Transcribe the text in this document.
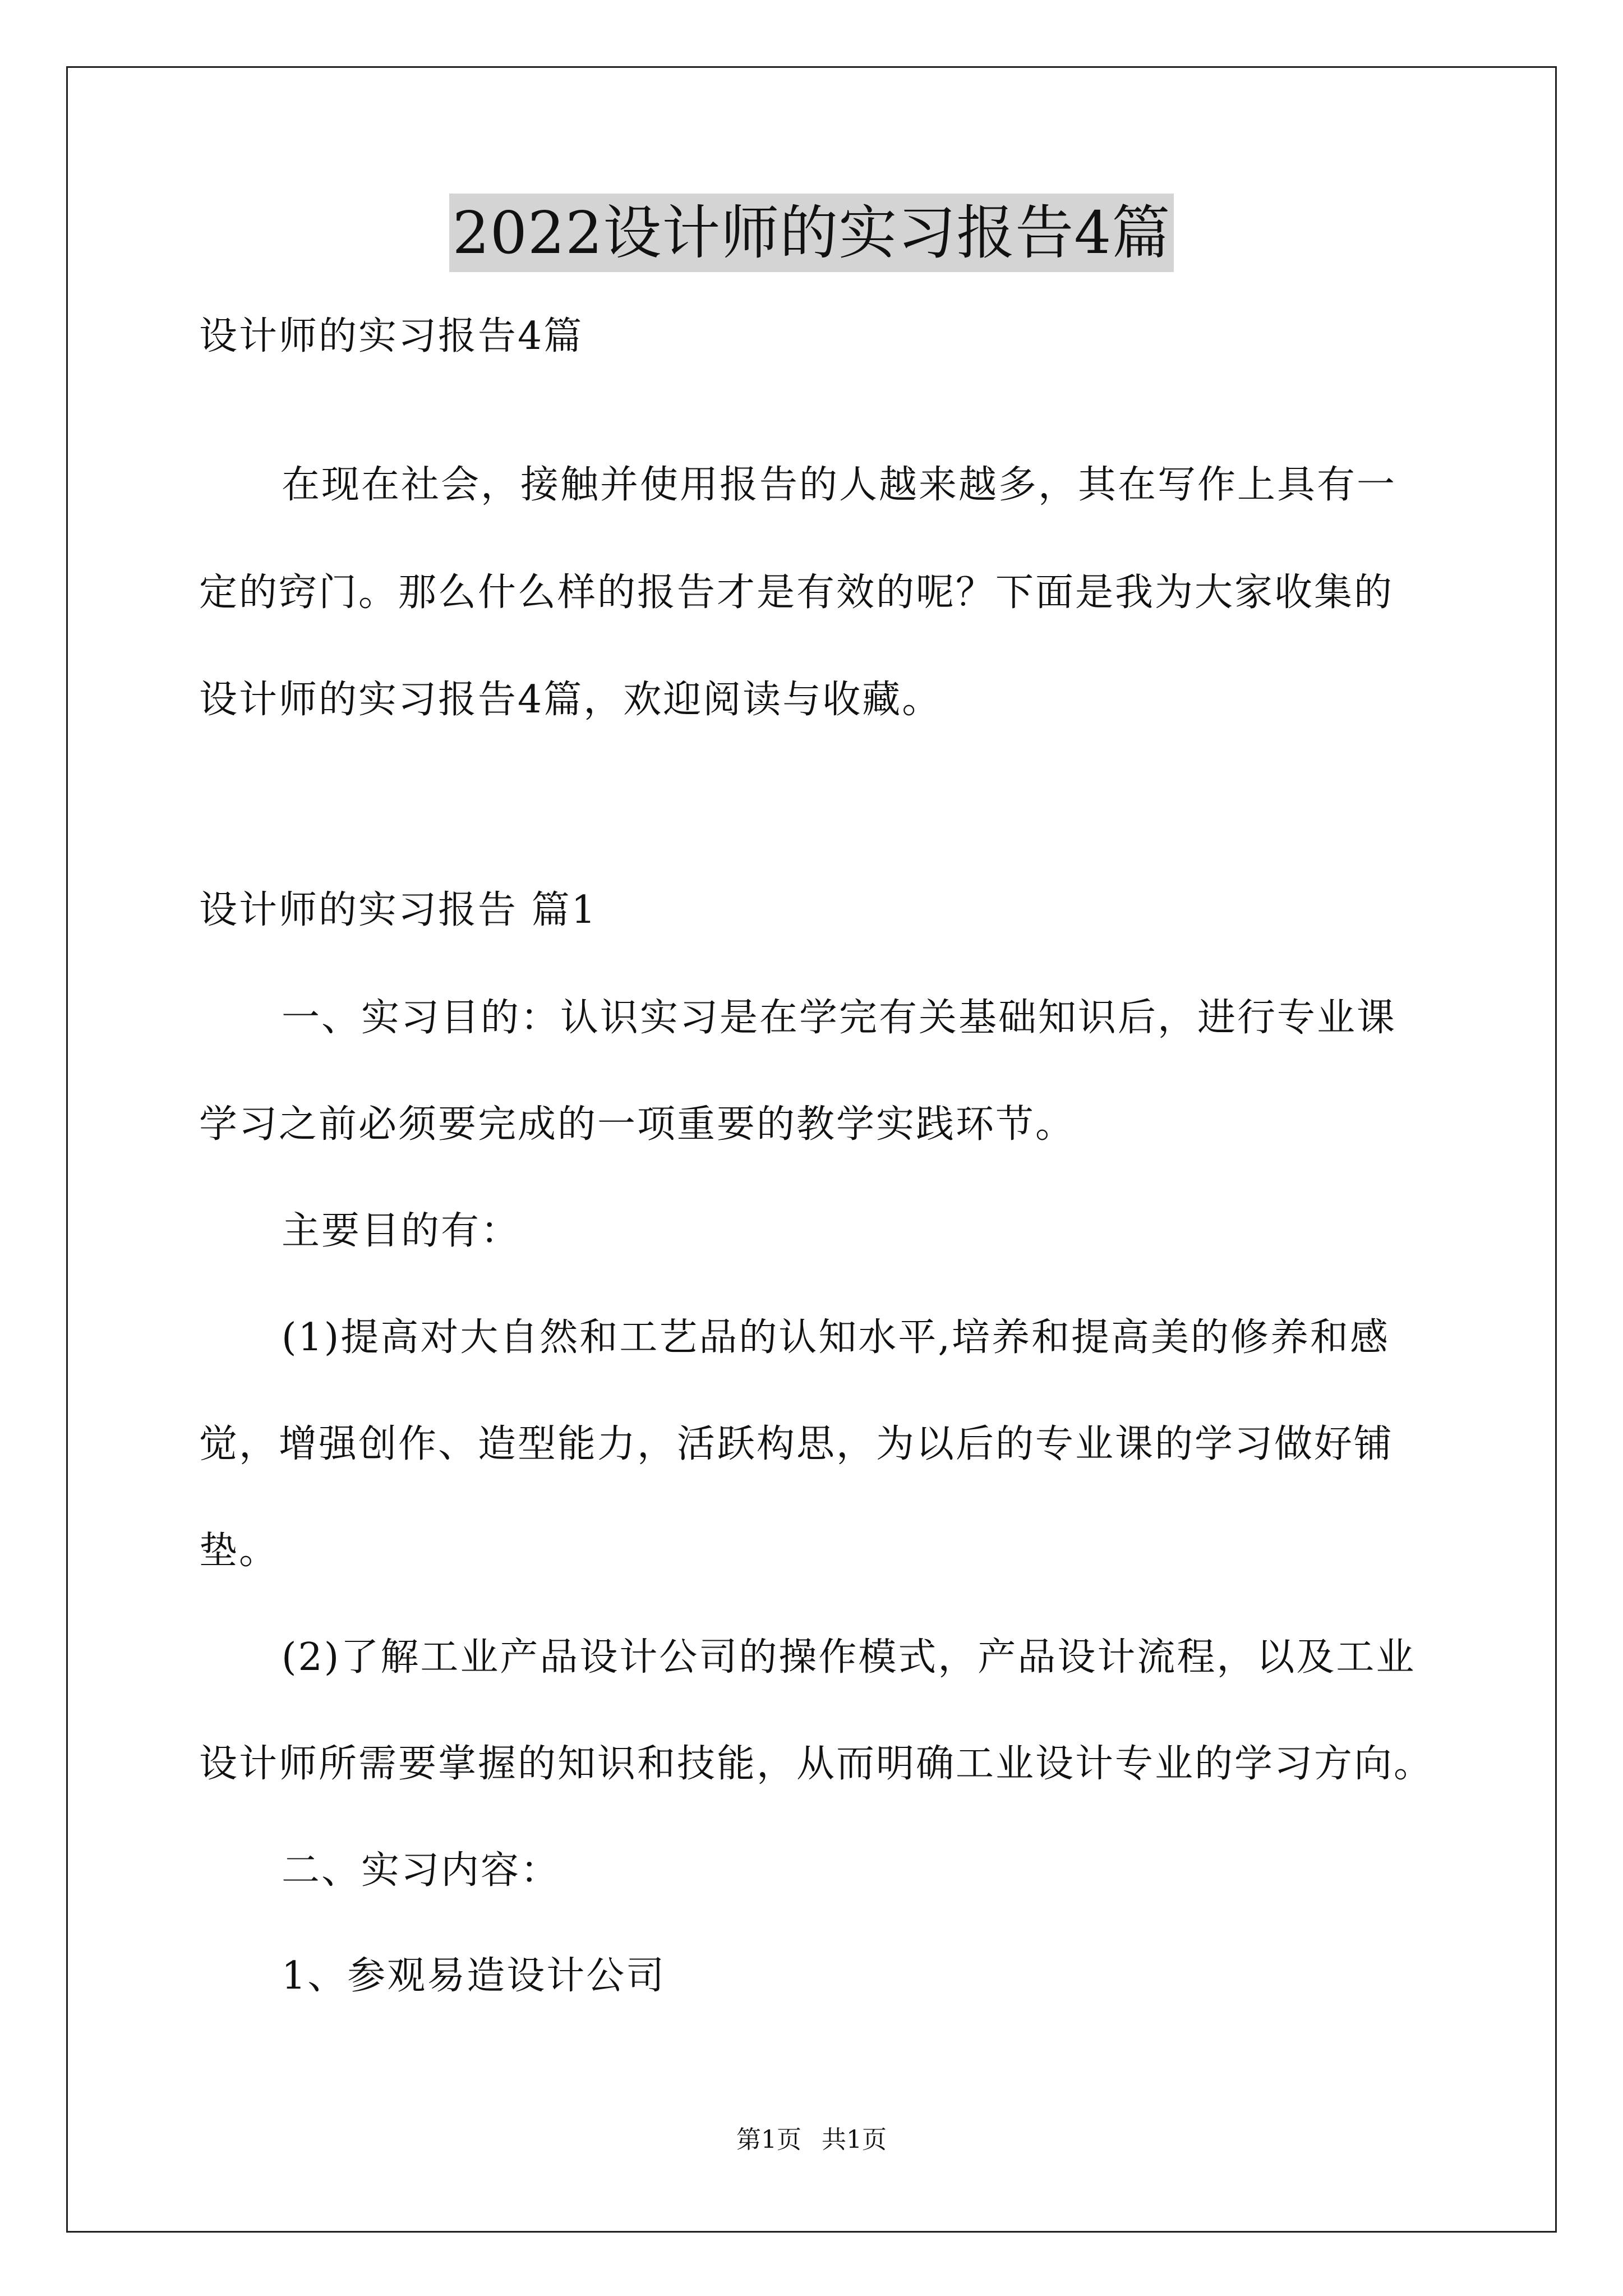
2022设计师的实习报告4篇
设计师的实习报告4篇
在现在社会，接触并使用报告的人越来越多，其在写作上具有一
定的窍门。那么什么样的报告才是有效的呢？下面是我为大家收集的
设计师的实习报告4篇，欢迎阅读与收藏。
设计师的实习报告 篇1
一、实习目的：认识实习是在学完有关基础知识后，进行专业课
学习之前必须要完成的一项重要的教学实践环节。
主要目的有：
(1)提高对大自然和工艺品的认知水平,培养和提高美的修养和感
觉，增强创作、造型能力，活跃构思，为以后的专业课的学习做好铺
垫。
(2)了解工业产品设计公司的操作模式，产品设计流程，以及工业
设计师所需要掌握的知识和技能，从而明确工业设计专业的学习方向。
二、实习内容：
1、参观易造设计公司
第1页 共1页
